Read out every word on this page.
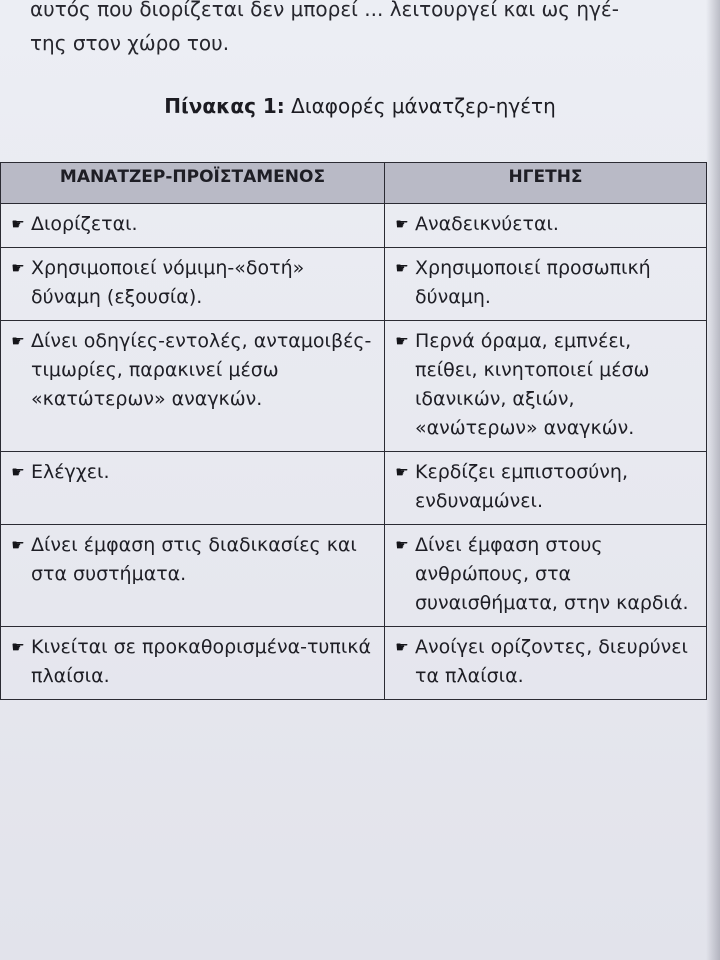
αυτός που διορίζεται δεν μπορεί ... λειτουργεί και ως ηγέ-

της στον χώρο του.

Πίνακας 1: Διαφορές μάνατζερ-ηγέτη
ΜΑΝΑΤΖΕΡ-ΠΡΟΪΣΤΑΜΕΝΟΣ	ΗΓΕΤΗΣ

☛ Διορίζεται.	☛ Αναδεικνύεται.

☛ Χρησιμοποιεί νόμιμη-«δοτή» δύναμη (εξουσία).	☛ Χρησιμοποιεί προσωπική δύναμη.

☛ Δίνει οδηγίες-εντολές, ανταμοιβές-τιμωρίες, παρακινεί μέσω «κατώτερων» αναγκών.	☛ Περνά όραμα, εμπνέει, πείθει, κινητοποιεί μέσω ιδανικών, αξιών, «ανώτερων» αναγκών.

☛ Ελέγχει.	☛ Κερδίζει εμπιστοσύνη, ενδυναμώνει.

☛ Δίνει έμφαση στις διαδικασίες και στα συστήματα.	☛ Δίνει έμφαση στους ανθρώπους, στα συναισθήματα, στην καρδιά.

☛ Κινείται σε προκαθορισμένα-τυπικά πλαίσια.	☛ Ανοίγει ορίζοντες, διευρύνει τα πλαίσια.
